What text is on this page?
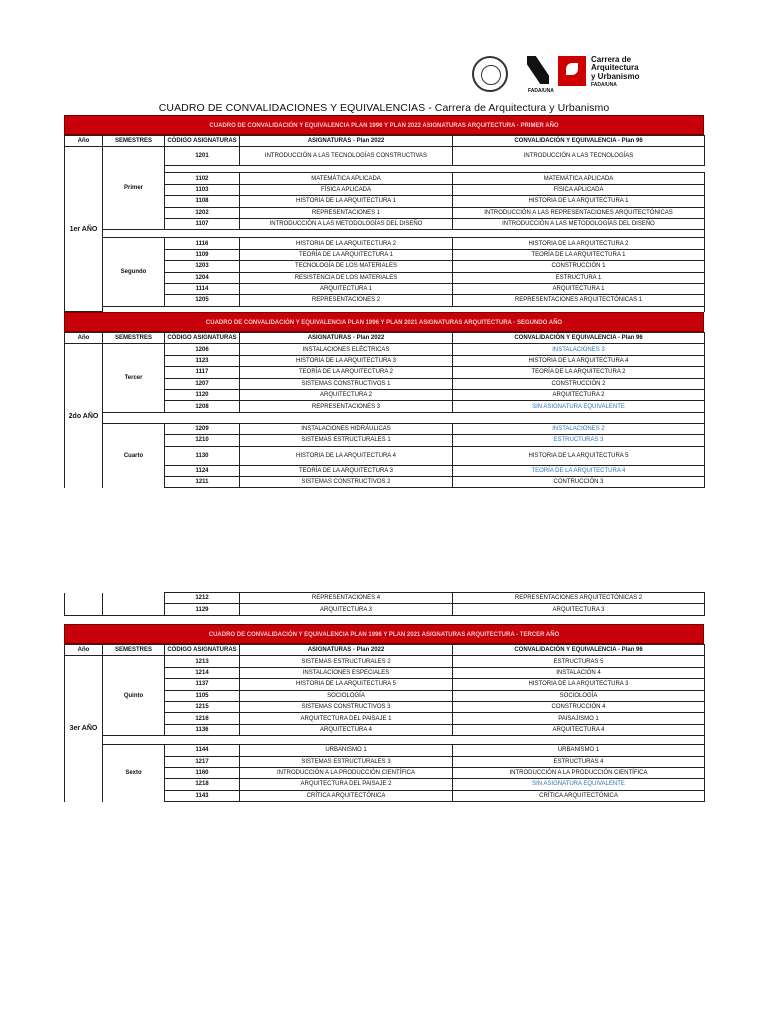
FADA/UNA
Carrera de
Arquitectura
y Urbanismo
FADA/UNA
CUADRO DE CONVALIDACIONES Y EQUIVALENCIAS - Carrera de Arquitectura y Urbanismo
CUADRO DE CONVALIDACIÓN Y EQUIVALENCIA PLAN 1996 Y PLAN 2022 ASIGNATURAS ARQUITECTURA - PRIMER AÑO
Año	SEMESTRES	CÓDIGO ASIGNATURAS	ASIGNATURAS - Plan 2022	CONVALIDACIÓN Y EQUIVALENCIA - Plan 96
1er AÑO	Primer	1201	INTRODUCCIÓN A LAS TECNOLOGÍAS CONSTRUCTIVAS	INTRODUCCIÓN A LAS TECNOLOGÍAS

		1102	MATEMÁTICA APLICADA	MATEMÁTICA APLICADA
		1103	FÍSICA APLICADA	FÍSICA APLICADA
		1108	HISTORIA DE LA ARQUITECTURA 1	HISTORIA DE LA ARQUITECTURA 1
		1202	REPRESENTACIONES 1	INTRODUCCIÓN A LAS REPRESENTACIONES ARQUITECTÓNICAS
		1107	INTRODUCCIÓN A LAS METODOLOGÍAS DEL DISEÑO	INTRODUCCIÓN A LAS METODOLOGÍAS DEL DISEÑO

	Segundo	1116	HISTORIA DE LA ARQUITECTURA 2	HISTORIA DE LA ARQUITECTURA 2
		1109	TEORÍA DE LA ARQUITECTURA 1	TEORÍA DE LA ARQUITECTURA 1
		1203	TECNOLOGÍA DE LOS MATERIALES	CONSTRUCCIÓN 1
		1204	RESISTENCIA DE LOS MATERIALES	ESTRUCTURA 1
		1114	ARQUITECTURA 1	ARQUITECTURA 1
		1205	REPRESENTACIONES 2	REPRESENTACIONES ARQUITECTÓNICAS 1

CUADRO DE CONVALIDACIÓN Y EQUIVALENCIA PLAN 1996 Y PLAN 2021 ASIGNATURAS ARQUITECTURA - SEGUNDO AÑO
Año	SEMESTRES	CÓDIGO ASIGNATURAS	ASIGNATURAS - Plan 2022	CONVALIDACIÓN Y EQUIVALENCIA - Plan 96
2do AÑO	Tercer	1206	INSTALACIONES ELÉCTRICAS	INSTALACIONES 3
		1123	HISTORIA DE LA ARQUITECTURA 3	HISTORIA DE LA ARQUITECTURA 4
		1117	TEORÍA DE LA ARQUITECTURA 2	TEORÍA DE LA ARQUITECTURA 2
		1207	SISTEMAS CONSTRUCTIVOS 1	CONSTRUCCIÓN 2
		1120	ARQUITECTURA 2	ARQUITECTURA 2
		1208	REPRESENTACIONES 3	SIN ASIGNATURA EQUIVALENTE

	Cuarto	1209	INSTALACIONES HIDRÁULICAS	INSTALACIONES 2
		1210	SISTEMAS ESTRUCTURALES 1	ESTRUCTURAS 3
		1130	HISTORIA DE LA ARQUITECTURA 4	HISTORIA DE LA ARQUITECTURA 5
		1124	TEORÍA DE LA ARQUITECTURA 3	TEORÍA DE LA ARQUITECTURA 4
		1211	SISTEMAS CONSTRUCTIVOS 2	CONTRUCCIÓN 3
		1212	REPRESENTACIONES 4	REPRESENTACIONES ARQUITECTÓNICAS 2
		1129	ARQUITECTURA 3	ARQUITECTURA 3
CUADRO DE CONVALIDACIÓN Y EQUIVALENCIA PLAN 1996 Y PLAN 2021 ASIGNATURAS ARQUITECTURA - TERCER AÑO
Año	SEMESTRES	CÓDIGO ASIGNATURAS	ASIGNATURAS - Plan 2022	CONVALIDACIÓN Y EQUIVALENCIA - Plan 96
3er AÑO	Quinto	1213	SISTEMAS ESTRUCTURALES 2	ESTRUCTURAS 5
		1214	INSTALACIONES ESPECIALES	INSTALACIÓN 4
		1137	HISTORIA DE LA ARQUITECTURA 5	HISTORIA DE LA ARQUITECTURA 3
		1105	SOCIOLOGÍA	SOCIOLOGÍA
		1215	SISTEMAS CONSTRUCTIVOS 3	CONSTRUCCIÓN 4
		1216	ARQUITECTURA DEL PAISAJE 1	PAISAJISMO 1
		1136	ARQUITECTURA 4	ARQUITECTURA 4

	Sexto	1144	URBANISMO 1	URBANISMO 1
		1217	SISTEMAS ESTRUCTURALES 3	ESTRUCTURAS 4
		1160	INTRODUCCIÓN A LA PRODUCCIÓN CIENTÍFICA	INTRODUCCIÓN A LA PRODUCCIÓN CIENTÍFICA
		1218	ARQUITECTURA DEL PAISAJE 2	SIN ASIGNATURA EQUIVALENTE
		1143	CRÍTICA ARQUITECTÓNICA	CRÍTICA ARQUITECTÓNICA
